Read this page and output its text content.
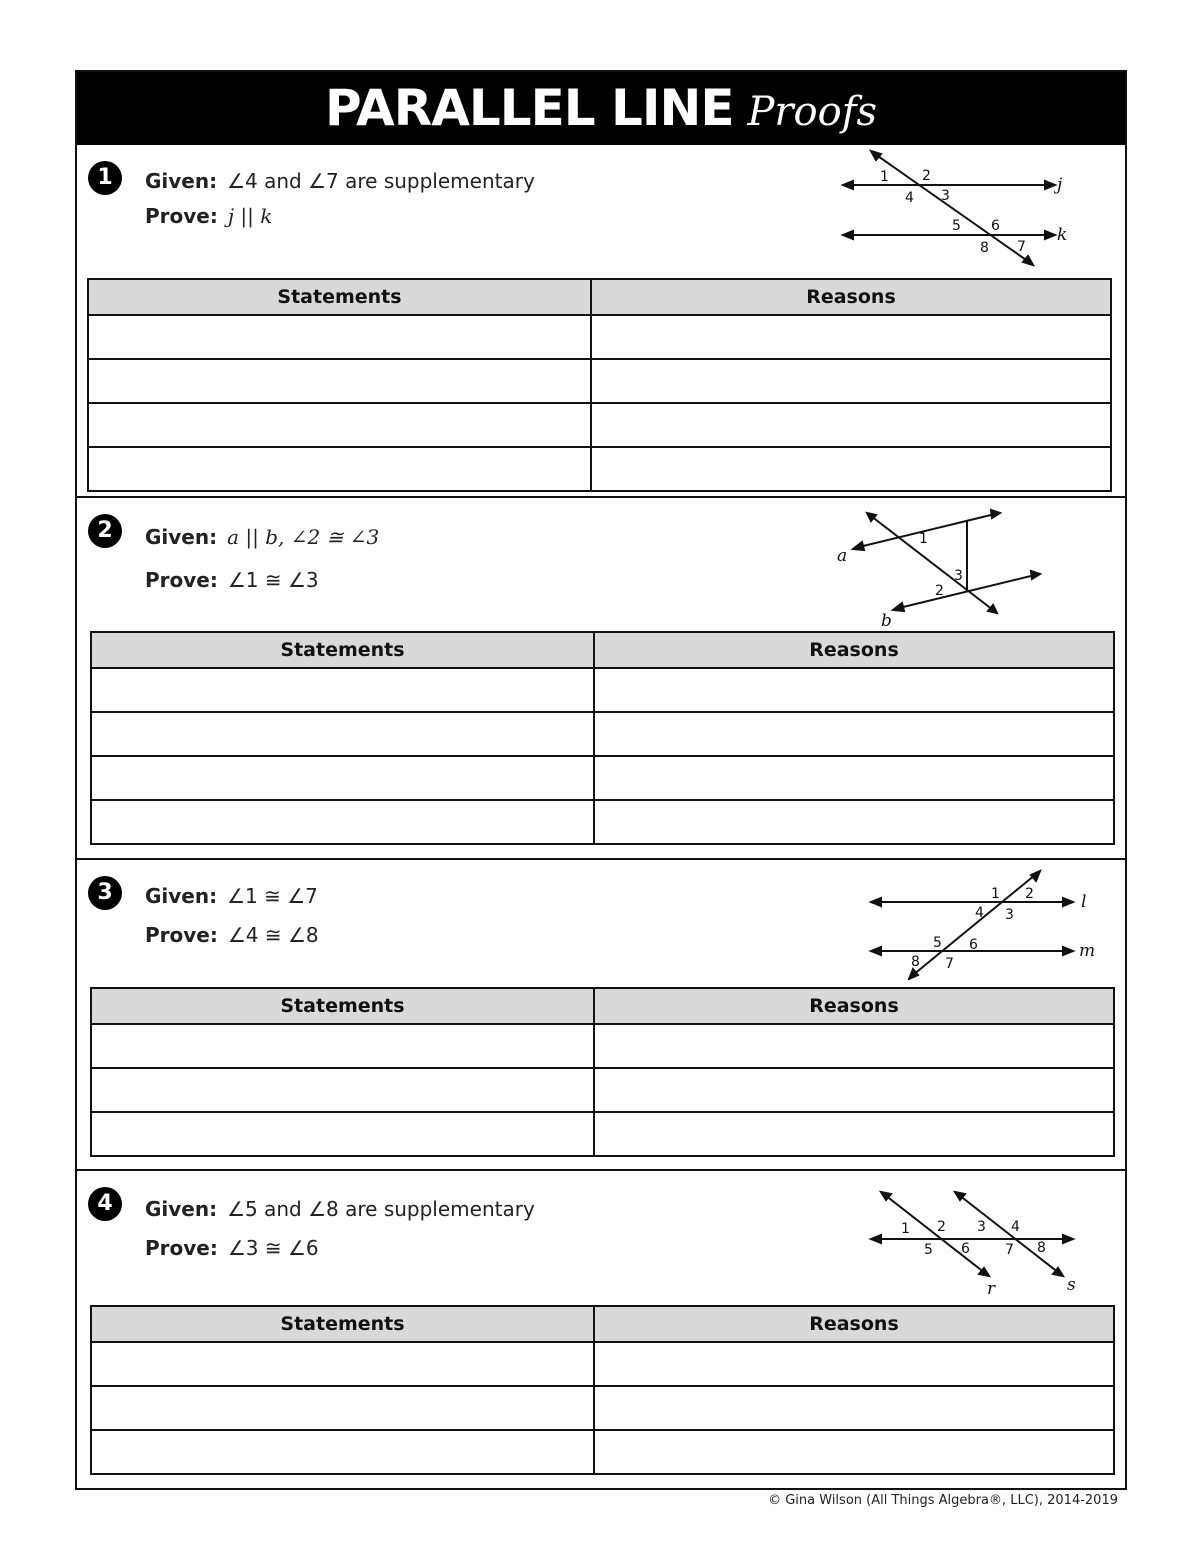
PARALLEL LINE Proofs
1	Given: ∠4 and ∠7 are supplementary
Prove: j || k
1 2
4 3
5 6
8 7
j
k
Statements	Reasons

2	Given: a || b, ∠2 ≅ ∠3
Prove: ∠1 ≅ ∠3
1
3
2
a
b
Statements	Reasons

3	Given: ∠1 ≅ ∠7
Prove: ∠4 ≅ ∠8
1 2
4 3
5 6
8 7
l
m
Statements	Reasons

4	Given: ∠5 and ∠8 are supplementary
Prove: ∠3 ≅ ∠6
1 2 3 4
5 6	7 8
r	s
Statements	Reasons

© Gina Wilson (All Things Algebra®, LLC), 2014-2019
